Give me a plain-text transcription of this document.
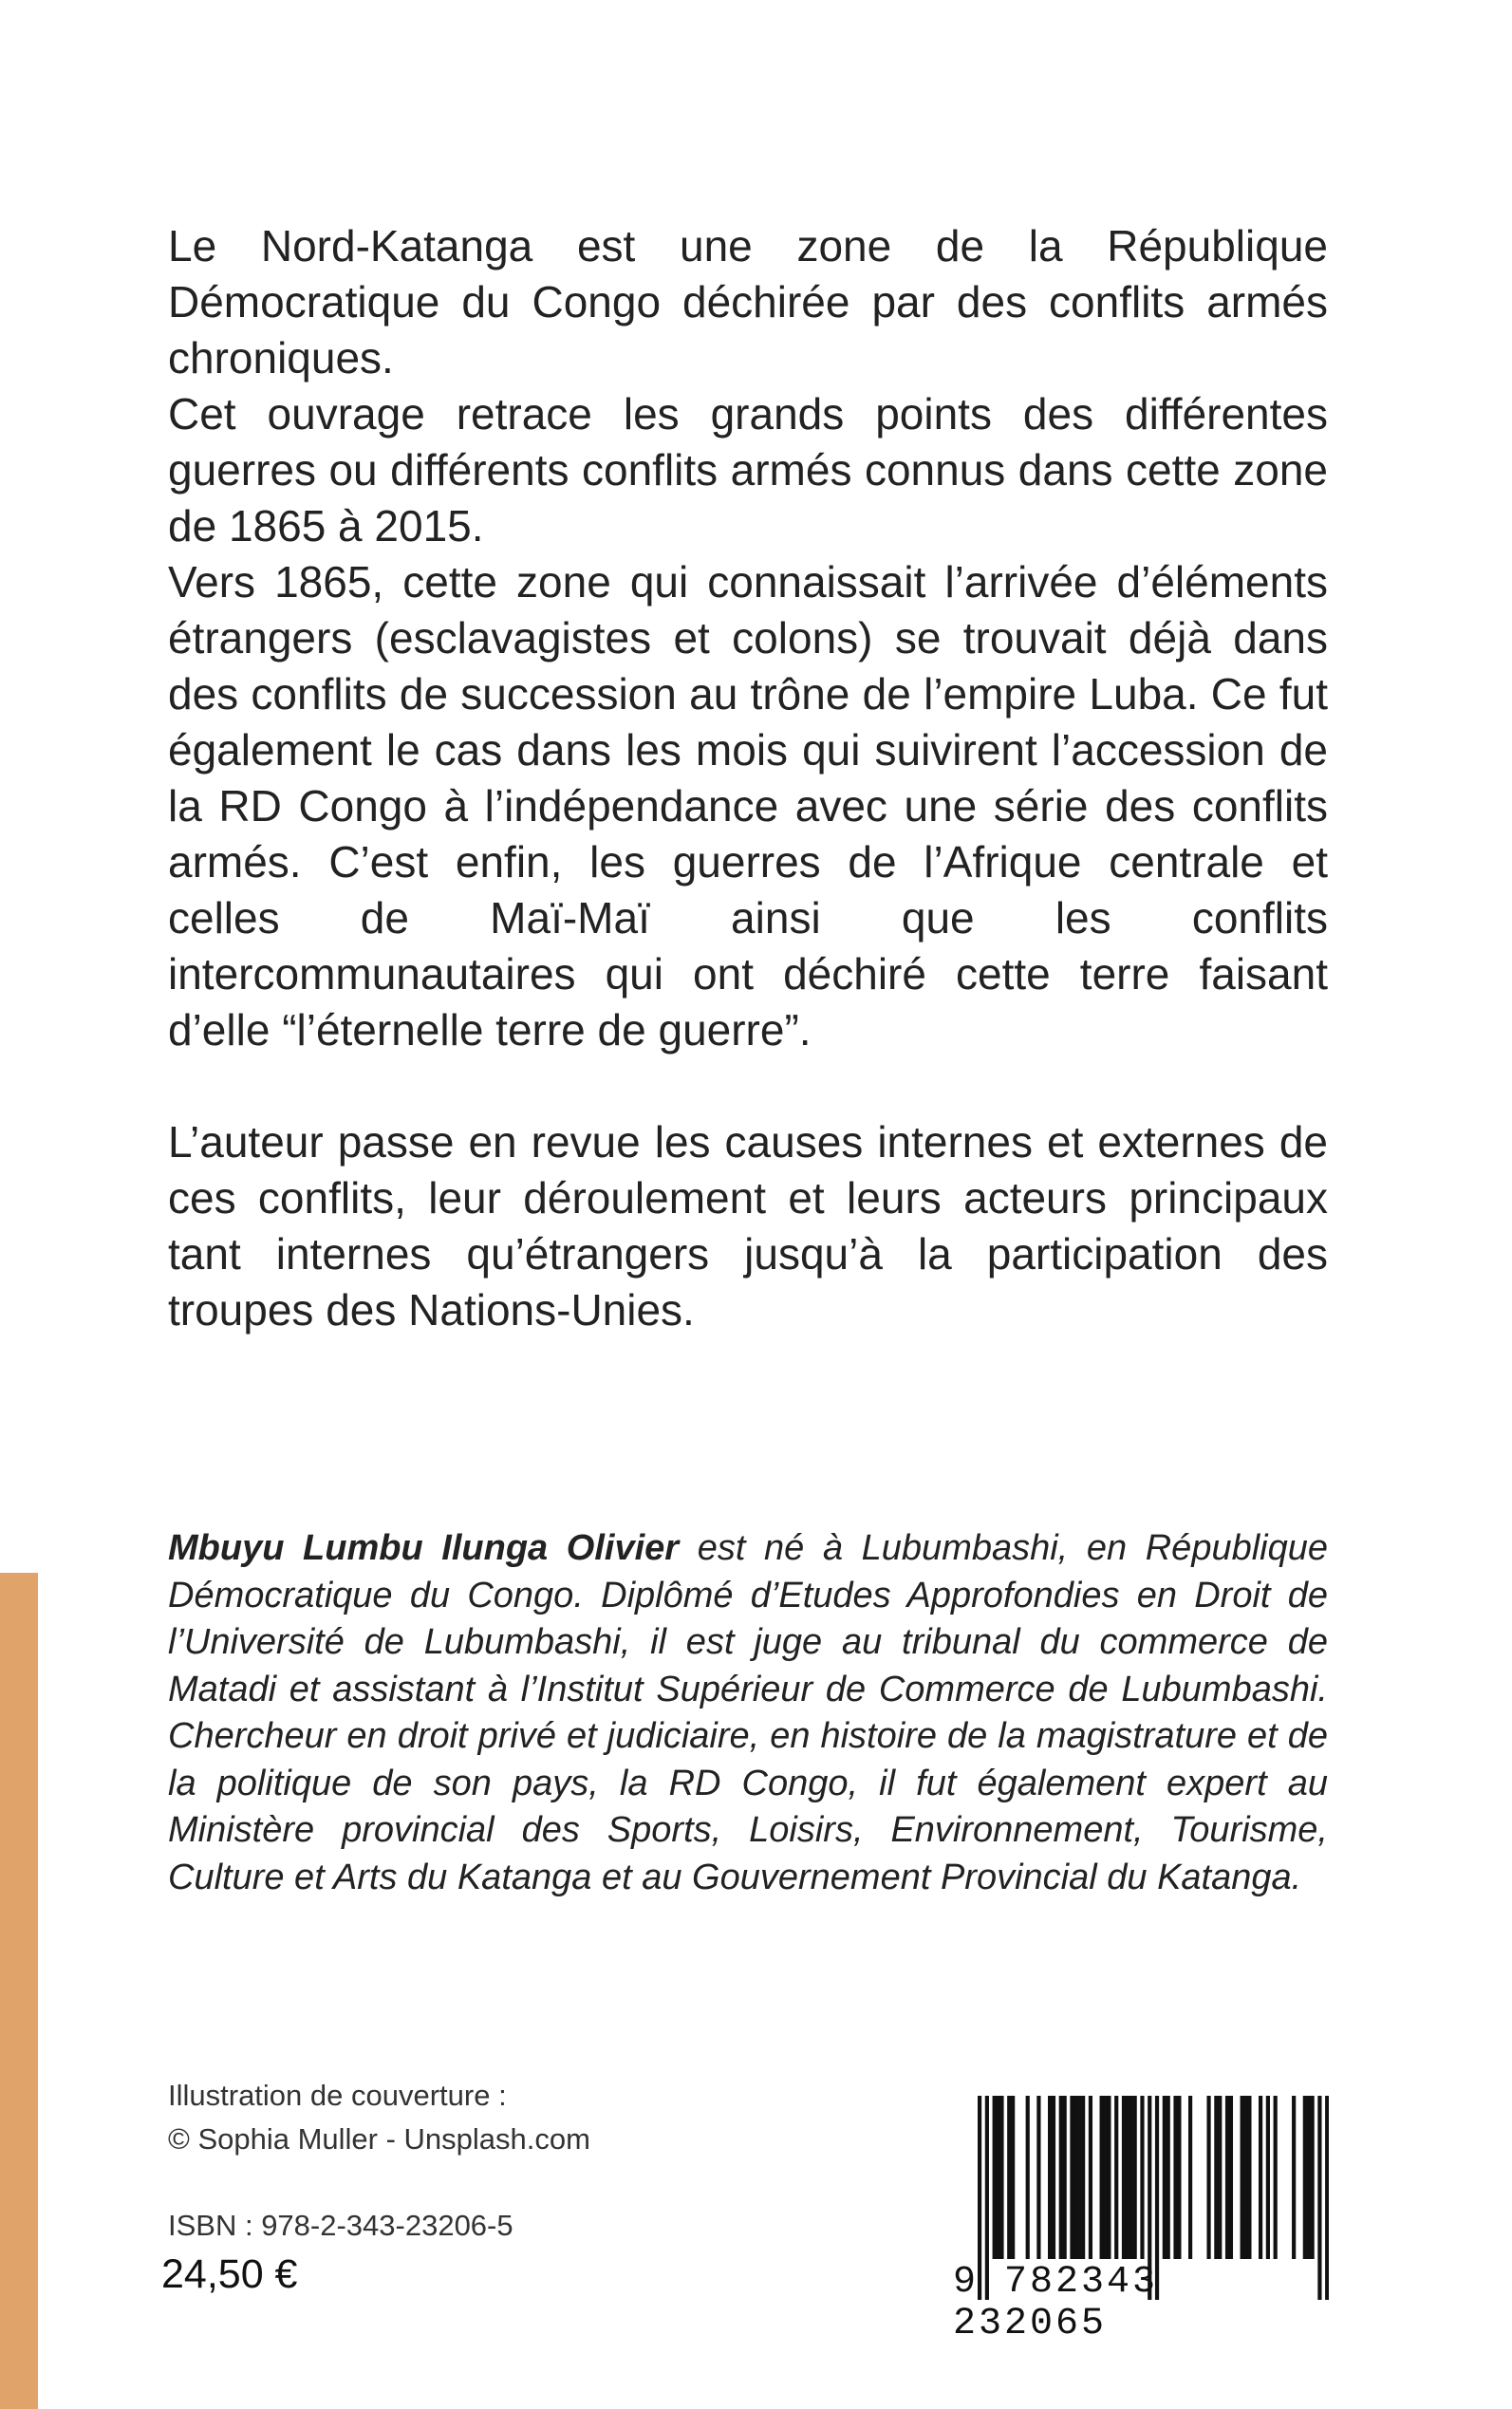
Le Nord-Katanga est une zone de la République Démocratique du Congo déchirée par des conflits armés chroniques.

Cet ouvrage retrace les grands points des différentes guerres ou différents conflits armés connus dans cette zone de 1865 à 2015.

Vers 1865, cette zone qui connaissait l’arrivée d’éléments étrangers (esclavagistes et colons) se trouvait déjà dans des conflits de succession au trône de l’empire Luba. Ce fut également le cas dans les mois qui suivirent l’accession de la RD Congo à l’indépendance avec une série des conflits armés. C’est enfin, les guerres de l’Afrique centrale et celles de Maï-Maï ainsi que les conflits intercommunautaires qui ont déchiré cette terre faisant d’elle “l’éternelle terre de guerre”.

L’auteur passe en revue les causes internes et externes de ces conflits, leur déroulement et leurs acteurs principaux tant internes qu’étrangers jusqu’à la participation des troupes des Nations-Unies.

Mbuyu Lumbu Ilunga Olivier est né à Lubumbashi, en République Démocratique du Congo. Diplômé d’Etudes Approfondies en Droit de l’Université de Lubumbashi, il est juge au tribunal du commerce de Matadi et assistant à l’Institut Supérieur de Commerce de Lubumbashi. Chercheur en droit privé et judiciaire, en histoire de la magistrature et de la politique de son pays, la RD Congo, il fut également expert au Ministère provincial des Sports, Loisirs, Environnement, Tourisme, Culture et Arts du Katanga et au Gouvernement Provincial du Katanga.
Illustration de couverture :
© Sophia Muller - Unsplash.com
ISBN : 978-2-343-23206-5
24,50 €	9 782343 232065
